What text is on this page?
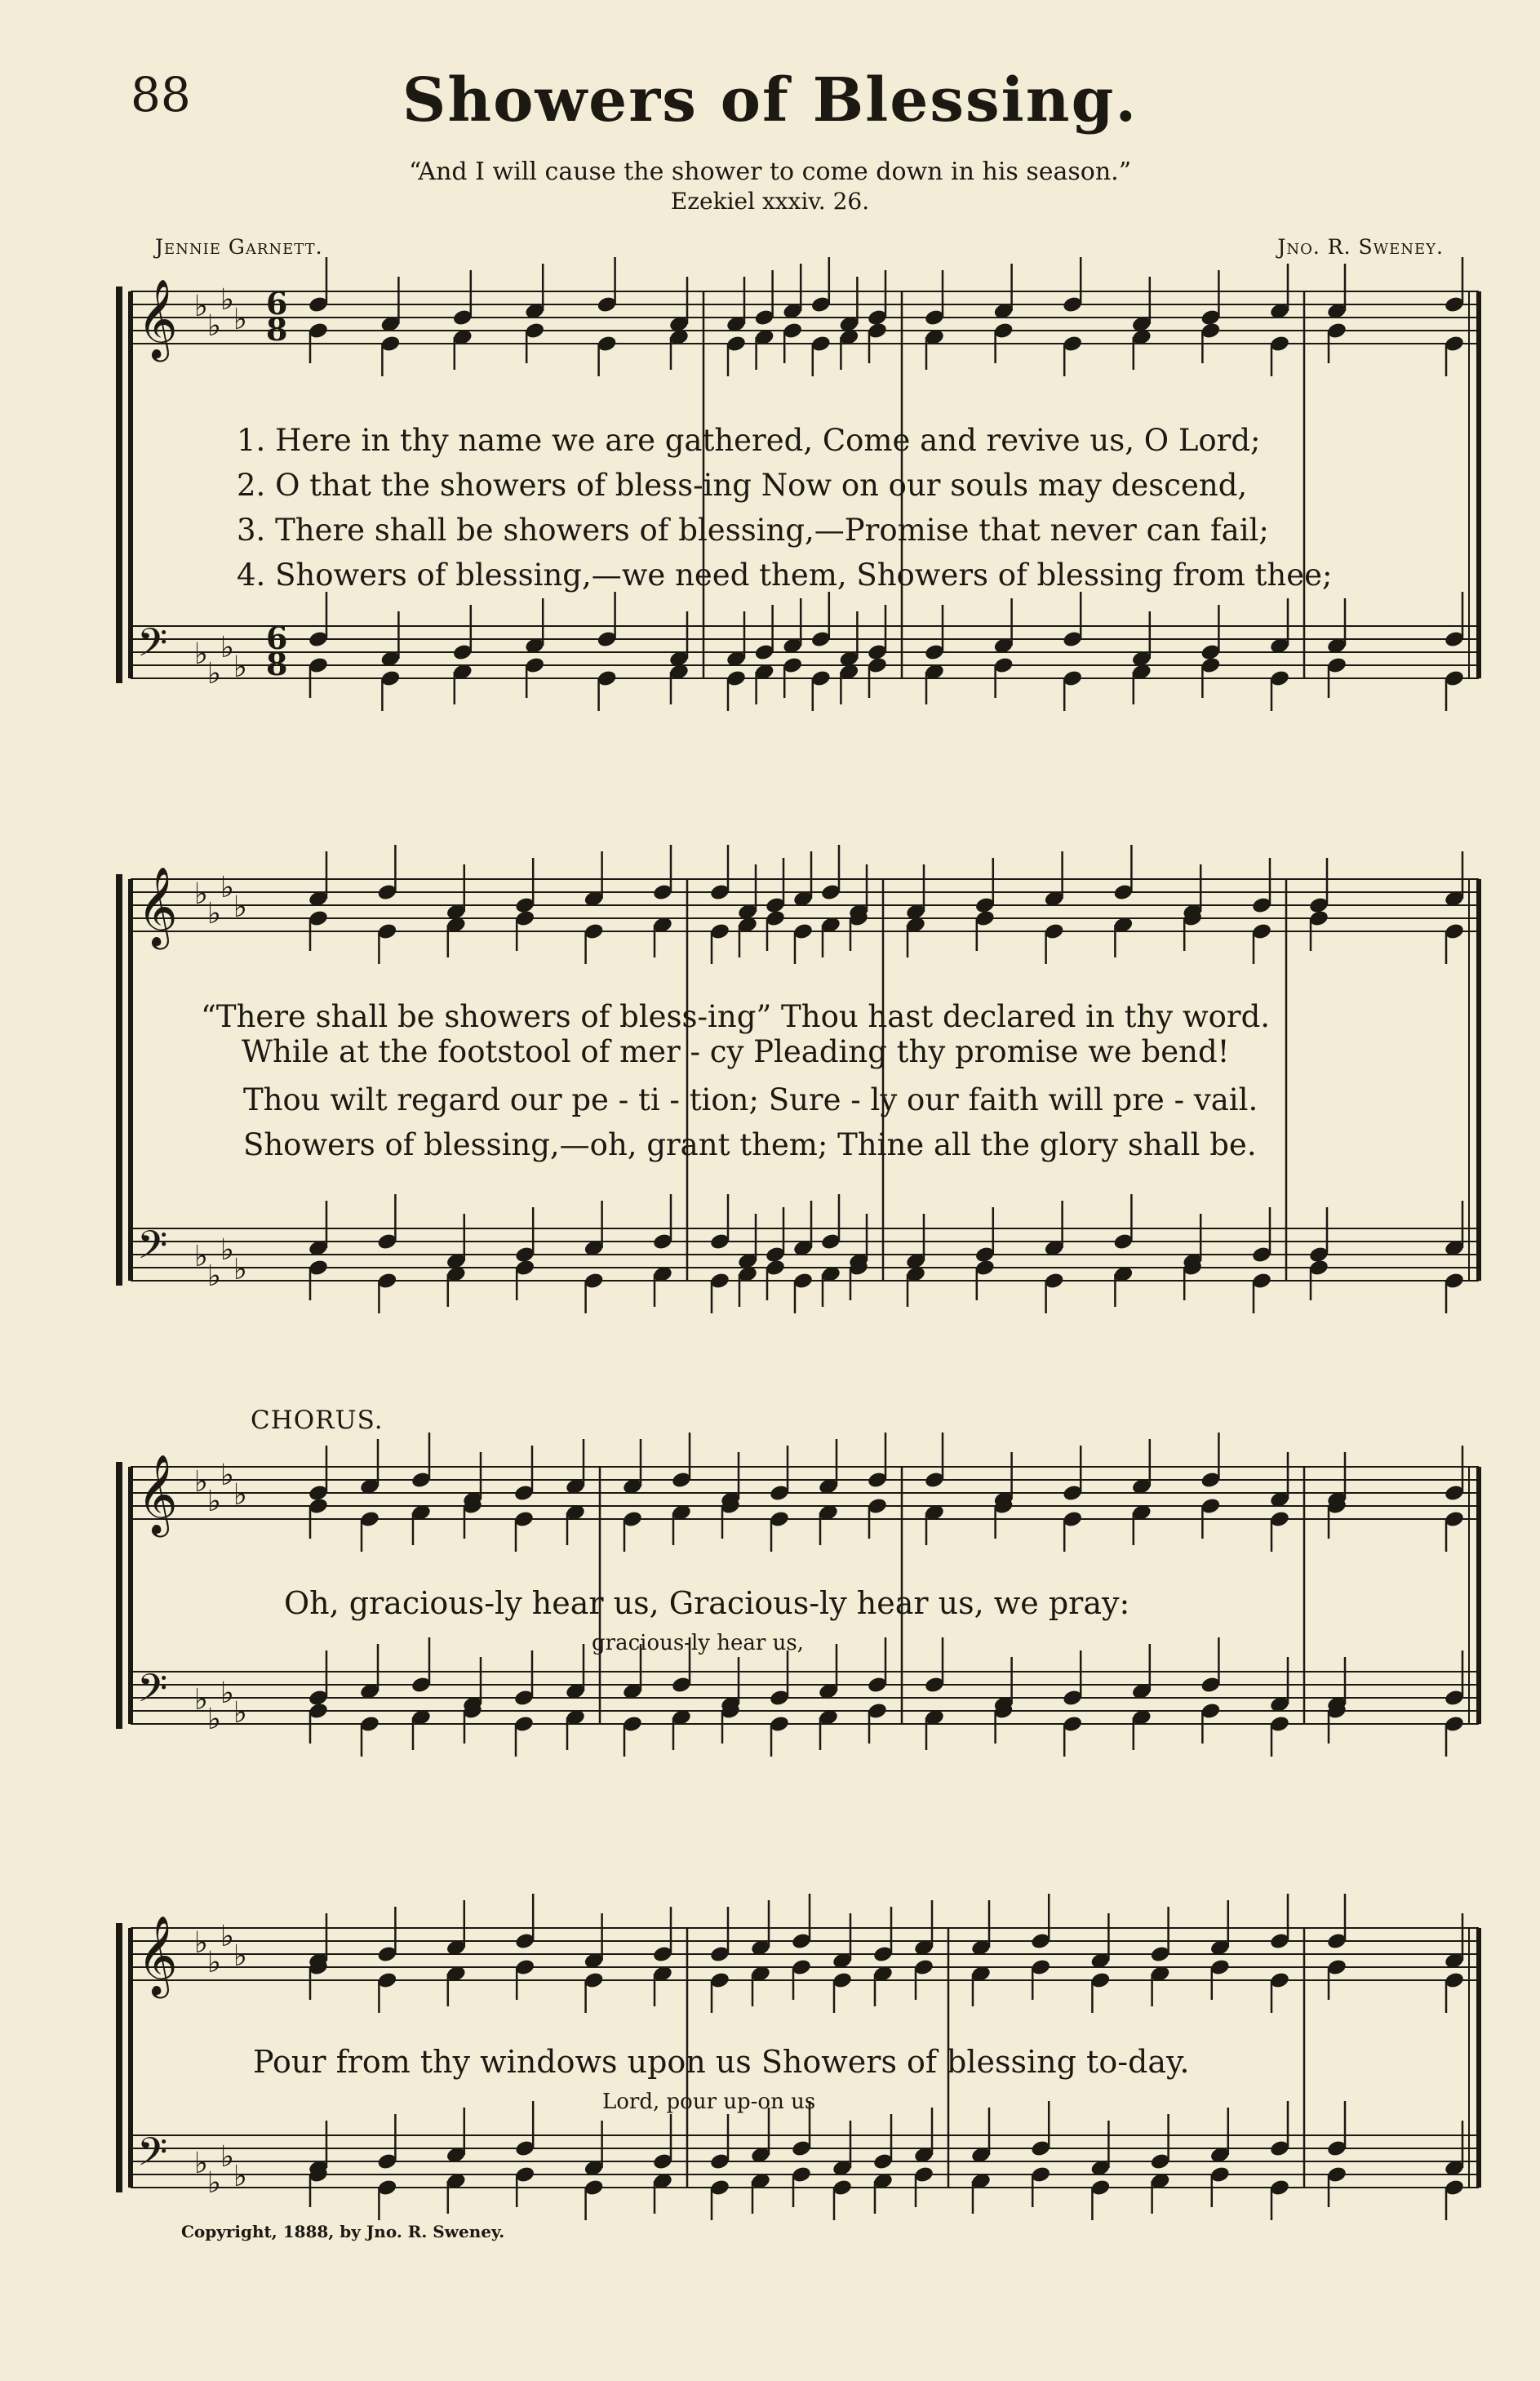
88	Showers of Blessing.
“And I will cause the shower to come down in his season.”
Ezekiel xxxiv. 26.
Jennie Garnett.	Jno. R. Sweney.
𝄞 ♭
♭
♭
♭
𝄢 ♭
♭
♭
♭
𝄞 ♭
♭
♭
♭
𝄢 ♭
♭
♭
♭
𝄞 ♭
♭
♭
♭
𝄢 ♭
♭
♭
♭
𝄞 ♭
♭
♭
♭
𝄢 ♭
♭
♭
♭
6
8
6
8
1. Here in thy name we are gathered, Come and revive us, O Lord;
2. O that the showers of bless-ing Now on our souls may descend,
3. There shall be showers of blessing,—Promise that never can fail;
4. Showers of blessing,—we need them, Showers of blessing from thee;
“There shall be showers of bless-ing” Thou hast declared in thy word.
While at the footstool of mer - cy Pleading thy promise we bend!
Thou wilt regard our pe - ti - tion; Sure - ly our faith will pre - vail.
Showers of blessing,—oh, grant them; Thine all the glory shall be.
CHORUS.
Oh, gracious-ly hear us, Gracious-ly hear us, we pray:
gracious-ly hear us,
Pour from thy windows upon us Showers of blessing to-day.
Lord, pour up-on us
Copyright, 1888, by Jno. R. Sweney.
